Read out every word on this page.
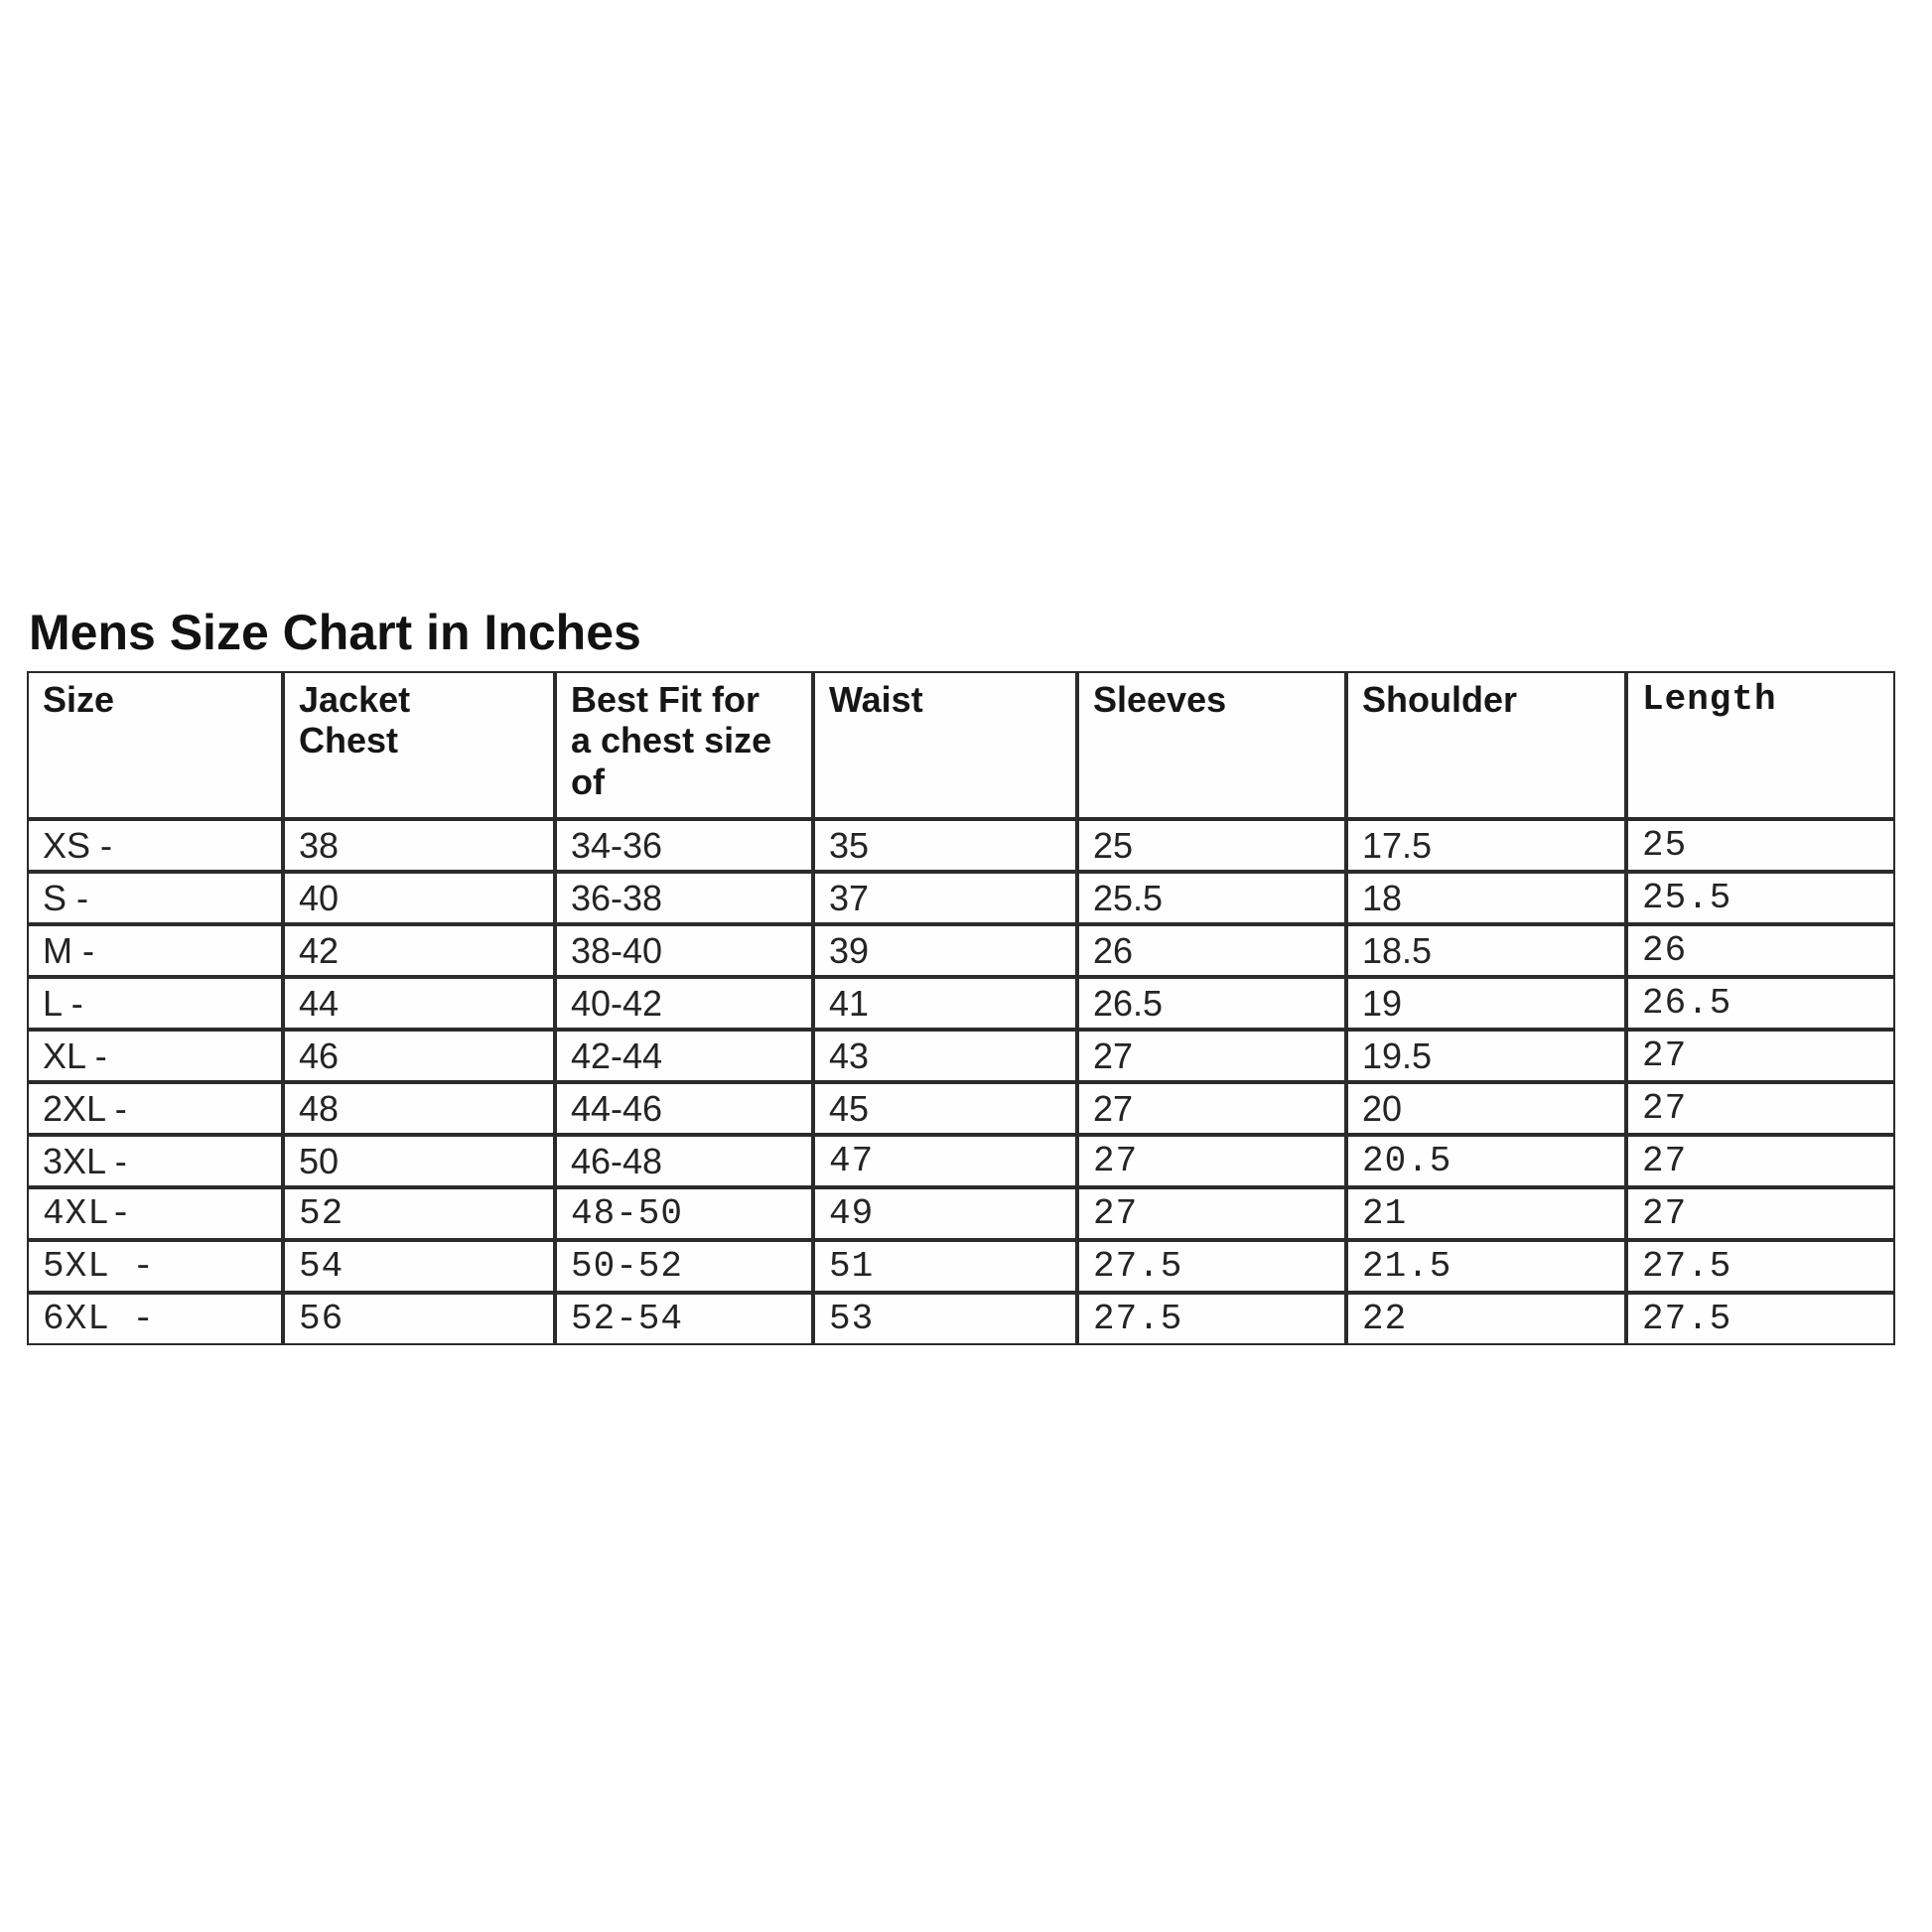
Mens Size Chart in Inches
Size	Jacket Chest	Best Fit for a chest size of	Waist	Sleeves	Shoulder	Length
XS -	38	34-36	35	25	17.5	25
S -	40	36-38	37	25.5	18	25.5
M -	42	38-40	39	26	18.5	26
L -	44	40-42	41	26.5	19	26.5
XL -	46	42-44	43	27	19.5	27
2XL -	48	44-46	45	27	20	27
3XL -	50	46-48	47	27	20.5	27
4XL-	52	48-50	49	27	21	27
5XL -	54	50-52	51	27.5	21.5	27.5
6XL -	56	52-54	53	27.5	22	27.5
